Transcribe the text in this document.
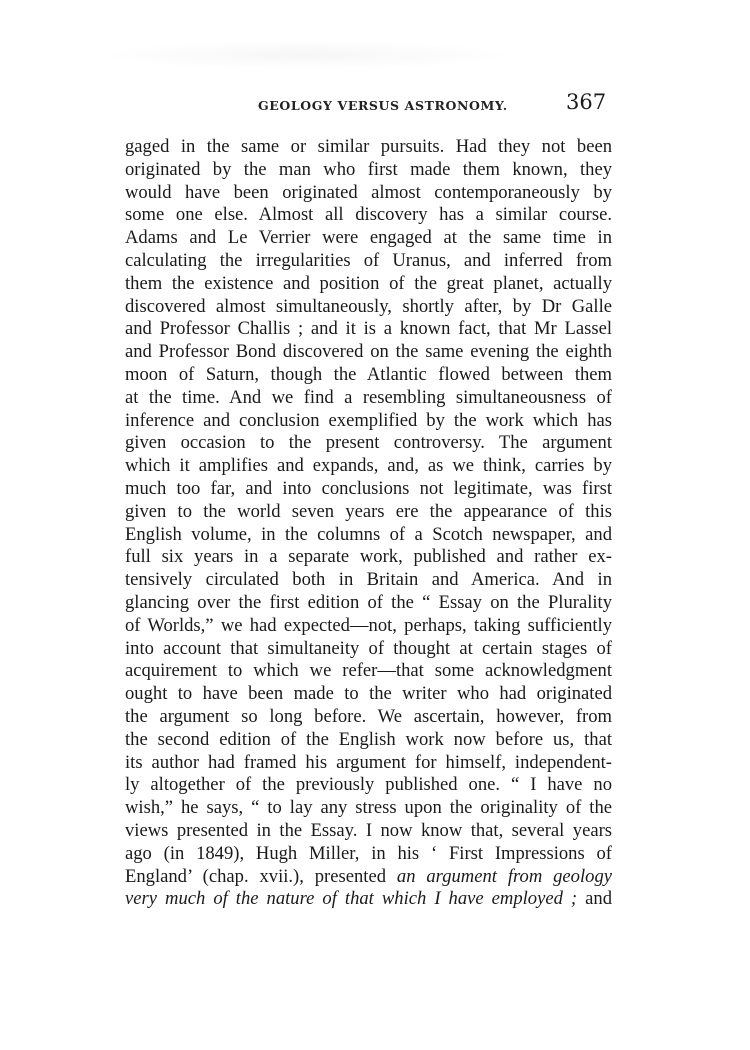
GEOLOGY VERSUS ASTRONOMY.	367
gaged in the same or similar pursuits. Had they not been
originated by the man who first made them known, they
would have been originated almost contemporaneously by
some one else. Almost all discovery has a similar course.
Adams and Le Verrier were engaged at the same time in
calculating the irregularities of Uranus, and inferred from
them the existence and position of the great planet, actually
discovered almost simultaneously, shortly after, by Dr Galle
and Professor Challis ; and it is a known fact, that Mr Lassel
and Professor Bond discovered on the same evening the eighth
moon of Saturn, though the Atlantic flowed between them
at the time. And we find a resembling simultaneousness of
inference and conclusion exemplified by the work which has
given occasion to the present controversy. The argument
which it amplifies and expands, and, as we think, carries by
much too far, and into conclusions not legitimate, was first
given to the world seven years ere the appearance of this
English volume, in the columns of a Scotch newspaper, and
full six years in a separate work, published and rather ex-
tensively circulated both in Britain and America. And in
glancing over the first edition of the “ Essay on the Plurality
of Worlds,” we had expected—not, perhaps, taking sufficiently
into account that simultaneity of thought at certain stages of
acquirement to which we refer—that some acknowledgment
ought to have been made to the writer who had originated
the argument so long before. We ascertain, however, from
the second edition of the English work now before us, that
its author had framed his argument for himself, independent-
ly altogether of the previously published one. “ I have no
wish,” he says, “ to lay any stress upon the originality of the
views presented in the Essay. I now know that, several years
ago (in 1849), Hugh Miller, in his ‘ First Impressions of
England’ (chap. xvii.), presented an argument from geology
very much of the nature of that which I have employed ; and
